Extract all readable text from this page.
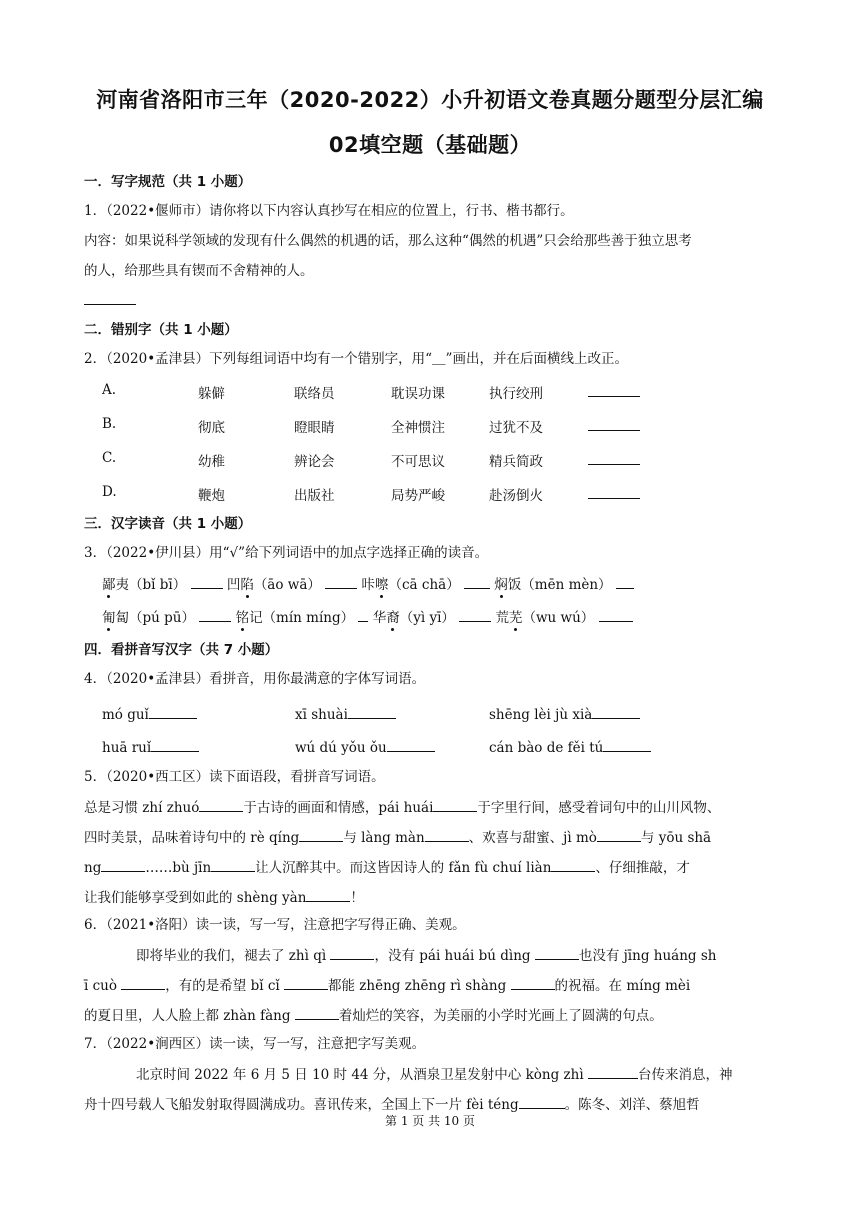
河南省洛阳市三年（2020-2022）小升初语文卷真题分题型分层汇编
02填空题（基础题）
一．写字规范（共 1 小题）
1．（2022•偃师市）请你将以下内容认真抄写在相应的位置上，行书、楷书都行。
内容：如果说科学领域的发现有什么偶然的机遇的话，那么这种“偶然的机遇”只会给那些善于独立思考
的人，给那些具有锲而不舍精神的人。
二．错别字（共 1 小题）
2．（2020•孟津县）下列每组词语中均有一个错别字，用“＿”画出，并在后面横线上改正。
A.	躲僻	联络员	耽误功课	执行绞刑
B.	彻底	瞪眼睛	全神惯注	过犹不及
C.	幼稚	辨论会	不可思议	精兵简政
D.	鞭炮	出版社	局势严峻	赴汤倒火
三．汉字读音（共 1 小题）
3．（2022•伊川县）用“√”给下列词语中的加点字选择正确的读音。
鄙夷（bǐ bī）	凹陷（āo wā）	咔嚓（cā chā）	焖饭（mēn mèn）
匍匐（pú pū）	铭记（mín míng） 华裔（yì yī）	荒芜（wu wú）
四．看拼音写汉字（共 7 小题）
4．（2020•孟津县）看拼音，用你最满意的字体写词语。
mó guǐ	xī shuài	shēng lèi jù xià
huā ruǐ	wú dú yǒu ǒu	cán bào de fěi tú
5．（2020•西工区）读下面语段，看拼音写词语。
总是习惯 zhí zhuó	于古诗的画面和情感，pái huái	于字里行间，感受着词句中的山川风物、
四时美景，品味着诗句中的 rè qíng	与 làng màn	、欢喜与甜蜜、jì mò	与 yōu shā
ng	……bù jīn	让人沉醉其中。而这皆因诗人的 fǎn fù chuí liàn	、仔细推敲，才
让我们能够享受到如此的 shèng yàn	！
6．（2021•洛阳）读一读，写一写，注意把字写得正确、美观。
即将毕业的我们，褪去了 zhì qì	，没有 pái huái bú dìng	也没有 jīng huáng sh
ī cuò	，有的是希望 bǐ cǐ	都能 zhēng zhēng rì shàng	的祝福。在 míng mèi
的夏日里，人人脸上都 zhàn fàng	着灿烂的笑容，为美丽的小学时光画上了圆满的句点。
7．（2022•涧西区）读一读，写一写，注意把字写美观。
北京时间 2022 年 6 月 5 日 10 时 44 分，从酒泉卫星发射中心 kòng zhì	台传来消息，神
舟十四号载人飞船发射取得圆满成功。喜讯传来，全国上下一片 fèi téng	。陈冬、刘洋、蔡旭哲
第 1 页 共 10 页
